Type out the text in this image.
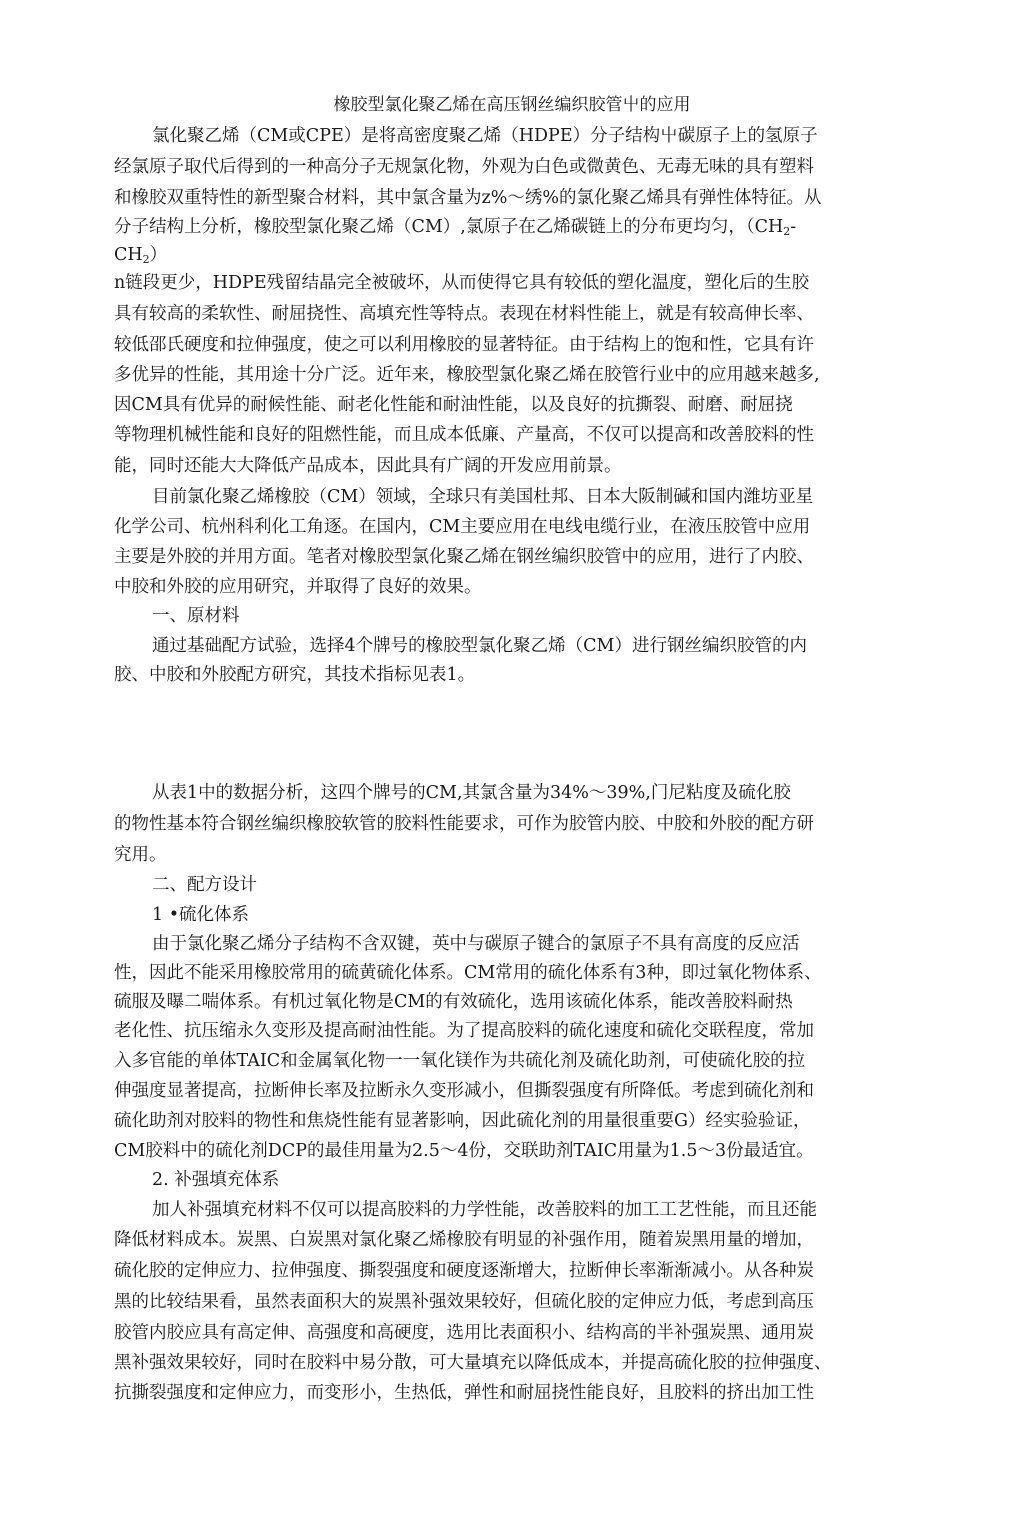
橡胶型氯化聚乙烯在高压钢丝编织胶管屮的应用
氯化聚乙烯（CM或CPE）是将高密度聚乙烯（HDPE）分子结构屮碳原子上的氢原子
经氯原子取代后得到的一种高分子无规氯化物，外观为白色或微黄色、无毒无味的具有塑料
和橡胶双重特性的新型聚合材料，其中氯含量为z%～绣%的氯化聚乙烯具有弹性体特征。从
分子结构上分析，橡胶型氯化聚乙烯（CM）,氯原子在乙烯碳链上的分布更均匀，（$CH_2-$
$CH_2$）
n链段更少，HDPE残留结晶完全被破坏，从而使得它具有较低的塑化温度，塑化后的生胶
具有较高的柔软性、耐屈挠性、高填充性等特点。表现在材料性能上，就是有较高伸长率、
较低邵氏硬度和拉伸强度，使之可以利用橡胶的显著特征。由于结构上的饱和性，它具有许
多优异的性能，其用途十分广泛。近年来，橡胶型氯化聚乙烯在胶管行业中的应用越来越多,
因CM具有优异的耐候性能、耐老化性能和耐油性能，以及良好的抗撕裂、耐磨、耐屈挠
等物理机械性能和良好的阻燃性能，而且成本低廉、产量高，不仅可以提高和改善胶料的性
能，同时还能大大降低产品成本，因此具有广阔的开发应用前景。
目前氯化聚乙烯橡胶（CM）领域，全球只有美国杜邦、日本大阪制碱和国内潍坊亚星
化学公司、杭州科利化工角逐。在国内，CM主要应用在电线电缆行业，在液压胶管中应用
主要是外胶的并用方面。笔者对橡胶型氯化聚乙烯在钢丝编织胶管中的应用，进行了内胶、
中胶和外胶的应用研究，并取得了良好的效果。
一、原材料
通过基础配方试验，选择4个牌号的橡胶型氯化聚乙烯（CM）进行钢丝编织胶管的内
胶、中胶和外胶配方研究，其技术指标见表1。
从表1中的数据分析，这四个牌号的CM,其氯含量为34%～39%,门尼粘度及硫化胶
的物性基本符合钢丝编织橡胶软管的胶料性能要求，可作为胶管内胶、中胶和外胶的配方研
究用。
二、配方设计
1 •硫化体系
由于氯化聚乙烯分子结构不含双键，英中与碳原子键合的氯原子不具有高度的反应活
性，因此不能采用橡胶常用的硫黄硫化体系。CM常用的硫化体系有3种，即过氧化物体系、
硫服及曝二喘体系。有机过氧化物是CM的有效硫化，选用该硫化体系，能改善胶料耐热
老化性、抗压缩永久变形及提高耐油性能。为了提高胶料的硫化速度和硫化交联程度，常加
入多官能的单体TAIC和金属氧化物一一氧化镁作为共硫化剂及硫化助剂，可使硫化胶的拉
伸强度显著提高，拉断伸长率及拉断永久变形减小，但撕裂强度有所降低。考虑到硫化剂和
硫化助剂对胶料的物性和焦烧性能有显著影响，因此硫化剂的用量很重要G）经实验验证，
CM胶料中的硫化剂DCP的最佳用量为2.5～4份，交联助剂TAIC用量为1.5～3份最适宜。
2. 补强填充体系
加人补强填充材料不仅可以提高胶料的力学性能，改善胶料的加工工艺性能，而且还能
降低材料成本。炭黑、白炭黑对氯化聚乙烯橡胶有明显的补强作用，随着炭黑用量的增加，
硫化胶的定伸应力、拉伸强度、撕裂强度和硬度逐渐增大，拉断伸长率渐渐减小。从各种炭
黑的比较结果看，虽然表面积大的炭黑补强效果较好，但硫化胶的定伸应力低，考虑到高压
胶管内胶应具有高定伸、高强度和高硬度，选用比表面积小、结构高的半补强炭黑、通用炭
黑补强效果较好，同时在胶料中易分散，可大量填充以降低成本，并提高硫化胶的拉伸强度、
抗撕裂强度和定伸应力，而变形小，生热低，弹性和耐屈挠性能良好，且胶料的挤出加工性
